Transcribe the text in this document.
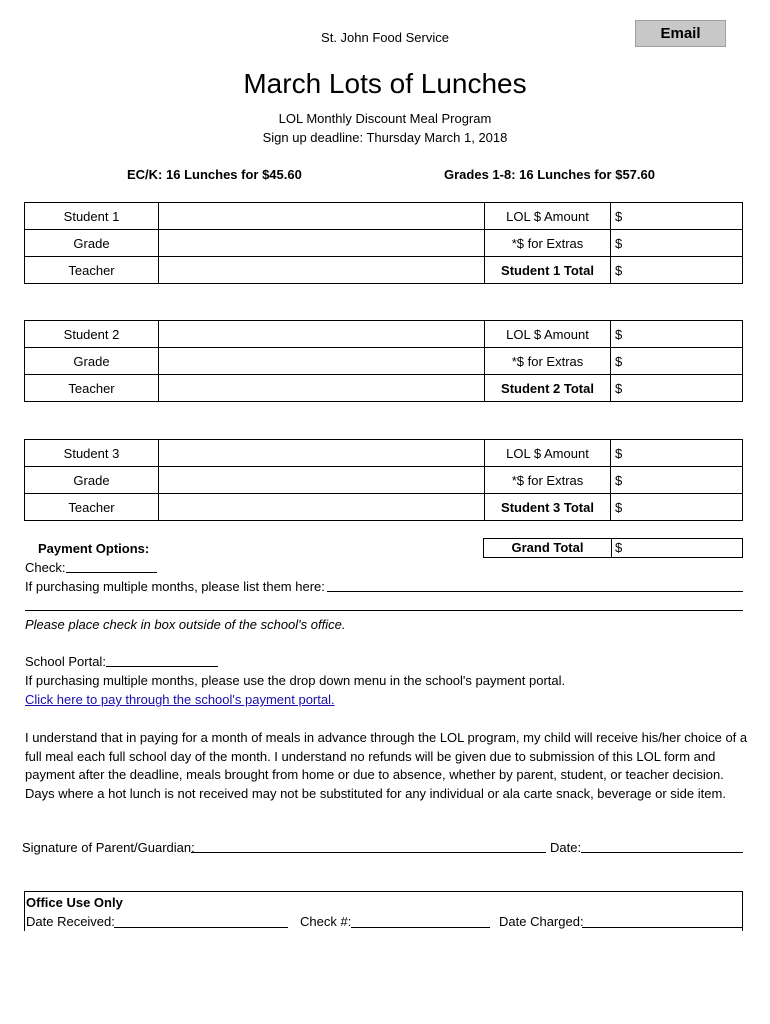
St. John Food Service	Email
March Lots of Lunches
LOL Monthly Discount Meal Program
Sign up deadline: Thursday March 1, 2018
EC/K: 16 Lunches for $45.60	Grades 1-8: 16 Lunches for $57.60
Student 1		LOL $ Amount	$
Grade		*$ for Extras	$
Teacher		Student 1 Total	$
Student 2		LOL $ Amount	$
Grade		*$ for Extras	$
Teacher		Student 2 Total	$
Student 3		LOL $ Amount	$
Grade		*$ for Extras	$
Teacher		Student 3 Total	$
Payment Options:	Grand Total	$
Check:
If purchasing multiple months, please list them here:
Please place check in box outside of the school's office.
School Portal:
If purchasing multiple months, please use the drop down menu in the school's payment portal.
Click here to pay through the school's payment portal.
I understand that in paying for a month of meals in advance through the LOL program, my child will receive his/her choice of a
full meal each full school day of the month. I understand no refunds will be given due to submission of this LOL form and
payment after the deadline, meals brought from home or due to absence, whether by parent, student, or teacher decision.
Days where a hot lunch is not received may not be substituted for any individual or ala carte snack, beverage or side item.
Signature of Parent/Guardian:	Date:
Office Use Only
Date Received:	Check #:	Date Charged:
